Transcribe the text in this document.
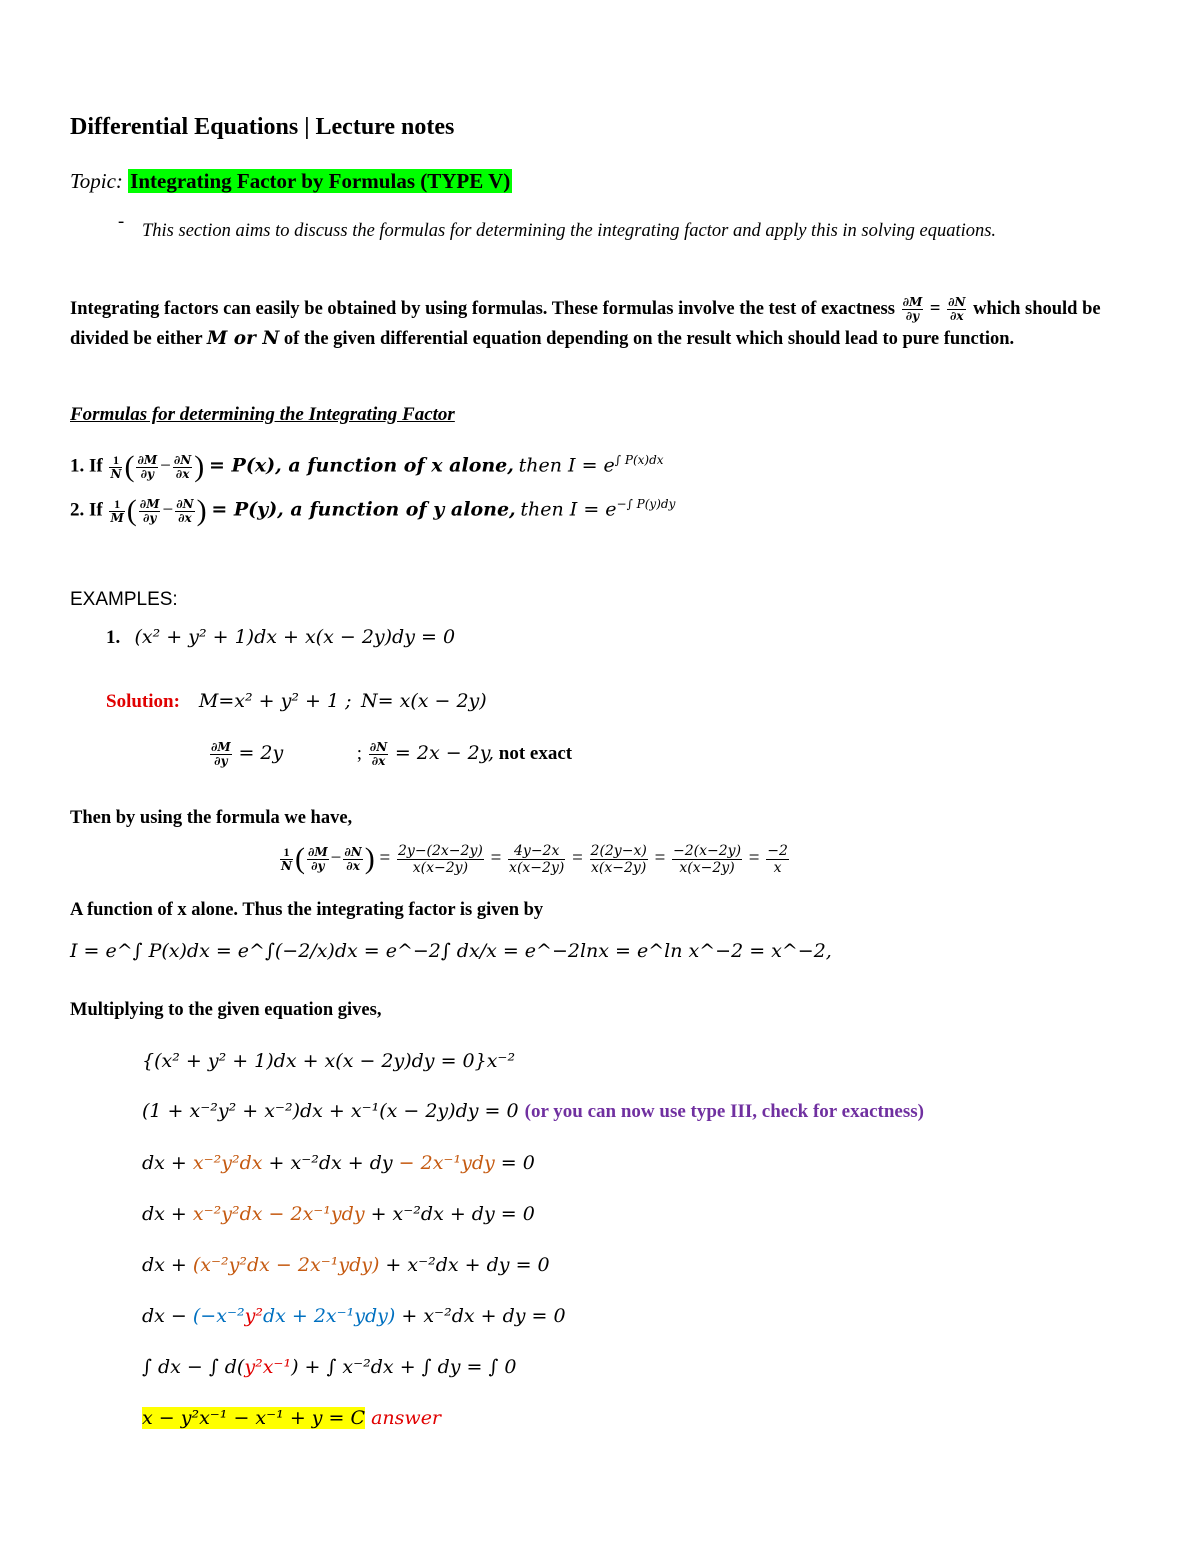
Differential Equations | Lecture notes
Topic: Integrating Factor by Formulas (TYPE V)
- This section aims to discuss the formulas for determining the integrating factor and apply this in solving equations.
Integrating factors can easily be obtained by using formulas. These formulas involve the test of exactness $\frac{\partial M}{\partial y} = \frac{\partial N}{\partial x}$ which should be divided be either M or N of the given differential equation depending on the result which should lead to pure function.
Formulas for determining the Integrating Factor
1. If $\frac{1}{N}$ ( $\frac{\partial M}{\partial y} - \frac{\partial N}{\partial x}$ ) = P(x), a function of x alone, then $I = e^{\int P(x)dx}$
2. If $\frac{1}{M}$ ( $\frac{\partial M}{\partial y} - \frac{\partial N}{\partial x}$ ) = P(y), a function of y alone, then $I = e^{-\int P(y)dy}$
EXAMPLES:
1. (x² + y² + 1)dx + x(x − 2y)dy = 0
Solution: M=x² + y² + 1 ; N= x(x − 2y)
$\frac{\partial M}{\partial y} = 2y$	; $\frac{\partial N}{\partial x} = 2x - 2y$, not exact
Then by using the formula we have,
$\frac{1}{N}$ ( $\frac{\partial M}{\partial y} - \frac{\partial N}{\partial x}$ ) = $\frac{2y-(2x-2y)}{x(x-2y)} = \frac{4y-2x}{x(x-2y)} = \frac{2(2y-x)}{x(x-2y)} = \frac{-2(x-2y)}{x(x-2y)} = \frac{-2}{x}$
A function of x alone. Thus the integrating factor is given by
I = e^∫ P(x)dx = e^∫(−2/x)dx = e^−2∫ dx/x = e^−2lnx = e^ln x^−2 = x^−2,
Multiplying to the given equation gives,
{(x² + y² + 1)dx + x(x − 2y)dy = 0}x⁻²
(1 + x⁻²y² + x⁻²)dx + x⁻¹(x − 2y)dy = 0 (or you can now use type III, check for exactness)
dx + x⁻²y²dx + x⁻²dx + dy − 2x⁻¹ydy = 0
dx + x⁻²y²dx − 2x⁻¹ydy + x⁻²dx + dy = 0
dx + (x⁻²y²dx − 2x⁻¹ydy) + x⁻²dx + dy = 0
dx − (−x⁻²y²dx + 2x⁻¹ydy) + x⁻²dx + dy = 0
∫ dx − ∫ d(y²x⁻¹) + ∫ x⁻²dx + ∫ dy = ∫ 0
x − y²x⁻¹ − x⁻¹ + y = C answer
